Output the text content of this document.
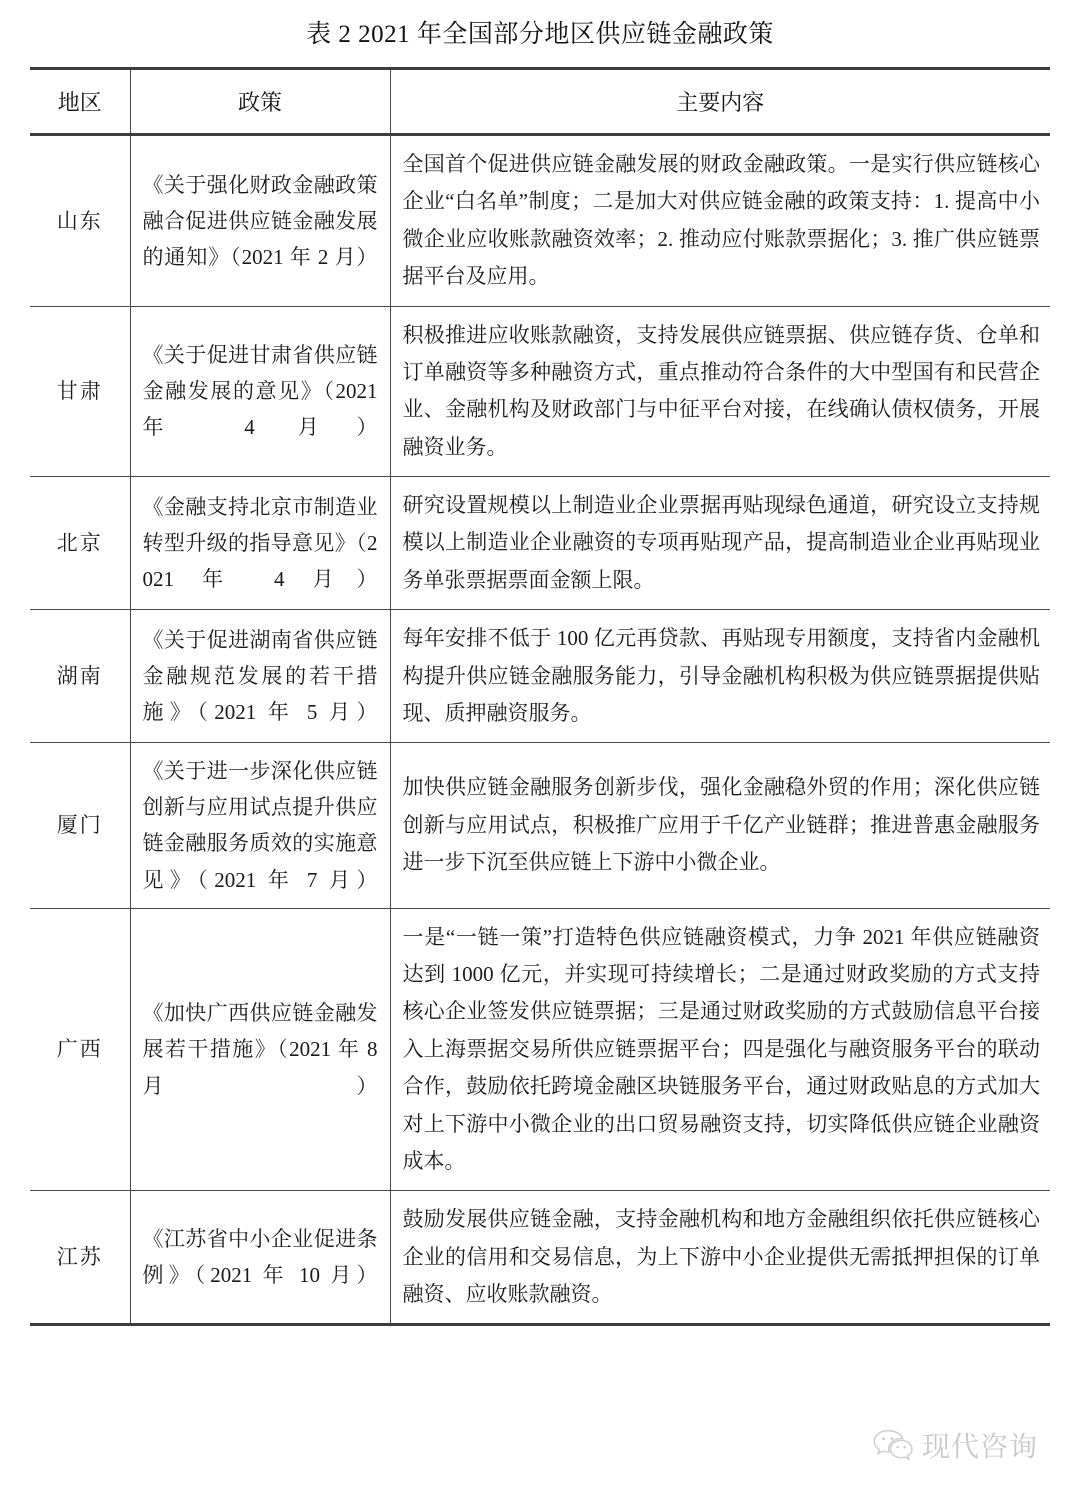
表 2 2021 年全国部分地区供应链金融政策
地区	政策	主要内容
山东	《关于强化财政金融政策融合促进供应链金融发展的通知》（2021 年 2 月）	全国首个促进供应链金融发展的财政金融政策。一是实行供应链核心企业“白名单”制度；二是加大对供应链金融的政策支持：1. 提高中小微企业应收账款融资效率；2. 推动应付账款票据化；3. 推广供应链票据平台及应用。
甘肃	《关于促进甘肃省供应链金融发展的意见》（2021 年 4 月）	积极推进应收账款融资，支持发展供应链票据、供应链存货、仓单和订单融资等多种融资方式，重点推动符合条件的大中型国有和民营企业、金融机构及财政部门与中征平台对接，在线确认债权债务，开展融资业务。
北京	《金融支持北京市制造业转型升级的指导意见》（2021 年 4 月）	研究设置规模以上制造业企业票据再贴现绿色通道，研究设立支持规模以上制造业企业融资的专项再贴现产品，提高制造业企业再贴现业务单张票据票面金额上限。
湖南	《关于促进湖南省供应链金融规范发展的若干措施》（2021 年 5 月）	每年安排不低于 100 亿元再贷款、再贴现专用额度，支持省内金融机构提升供应链金融服务能力，引导金融机构积极为供应链票据提供贴现、质押融资服务。
厦门	《关于进一步深化供应链创新与应用试点提升供应链金融服务质效的实施意见》（2021 年 7 月）	加快供应链金融服务创新步伐，强化金融稳外贸的作用；深化供应链创新与应用试点，积极推广应用于千亿产业链群；推进普惠金融服务进一步下沉至供应链上下游中小微企业。
广西	《加快广西供应链金融发展若干措施》（2021 年 8 月）	一是“一链一策”打造特色供应链融资模式，力争 2021 年供应链融资达到 1000 亿元，并实现可持续增长；二是通过财政奖励的方式支持核心企业签发供应链票据；三是通过财政奖励的方式鼓励信息平台接入上海票据交易所供应链票据平台；四是强化与融资服务平台的联动合作，鼓励依托跨境金融区块链服务平台，通过财政贴息的方式加大对上下游中小微企业的出口贸易融资支持，切实降低供应链企业融资成本。
江苏	《江苏省中小企业促进条例》（2021 年 10 月）	鼓励发展供应链金融，支持金融机构和地方金融组织依托供应链核心企业的信用和交易信息，为上下游中小企业提供无需抵押担保的订单融资、应收账款融资。
现代咨询
